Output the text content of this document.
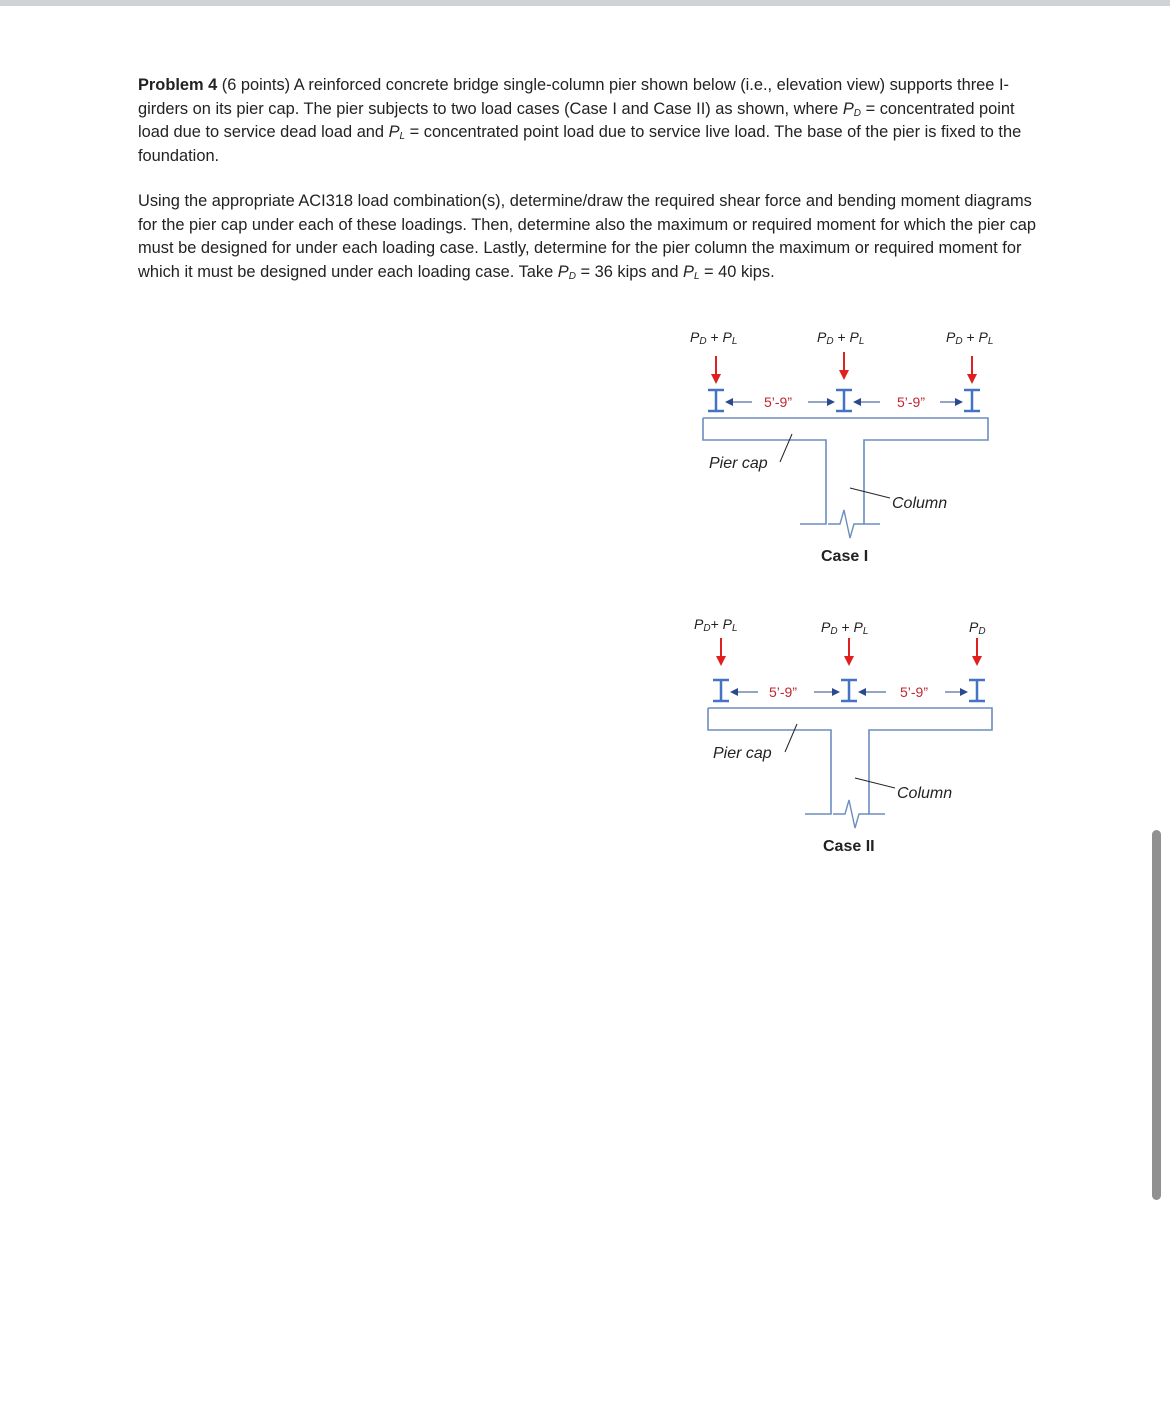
Problem 4 (6 points) A reinforced concrete bridge single-column pier shown below (i.e., elevation view) supports three I-girders on its pier cap. The pier subjects to two load cases (Case I and Case II) as shown, where $P_D$ = concentrated point load due to service dead load and $P_L$ = concentrated point load due to service live load. The base of the pier is fixed to the foundation.
Using the appropriate ACI318 load combination(s), determine/draw the required shear force and bending moment diagrams for the pier cap under each of these loadings. Then, determine also the maximum or required moment for which the pier cap must be designed for under each loading case. Lastly, determine for the pier column the maximum or required moment for which it must be designed under each loading case. Take $P_D = 36$ kips and $P_L = 40$ kips.
$P_D + P_L$	$P_D + P_L$	$P_D + P_L$
5’-9”	5’-9”
Pier cap
Column
Case I
$P_D+ P_L$	$P_D + P_L$	$P_D$
5’-9”	5’-9”
Pier cap
Column
Case II
